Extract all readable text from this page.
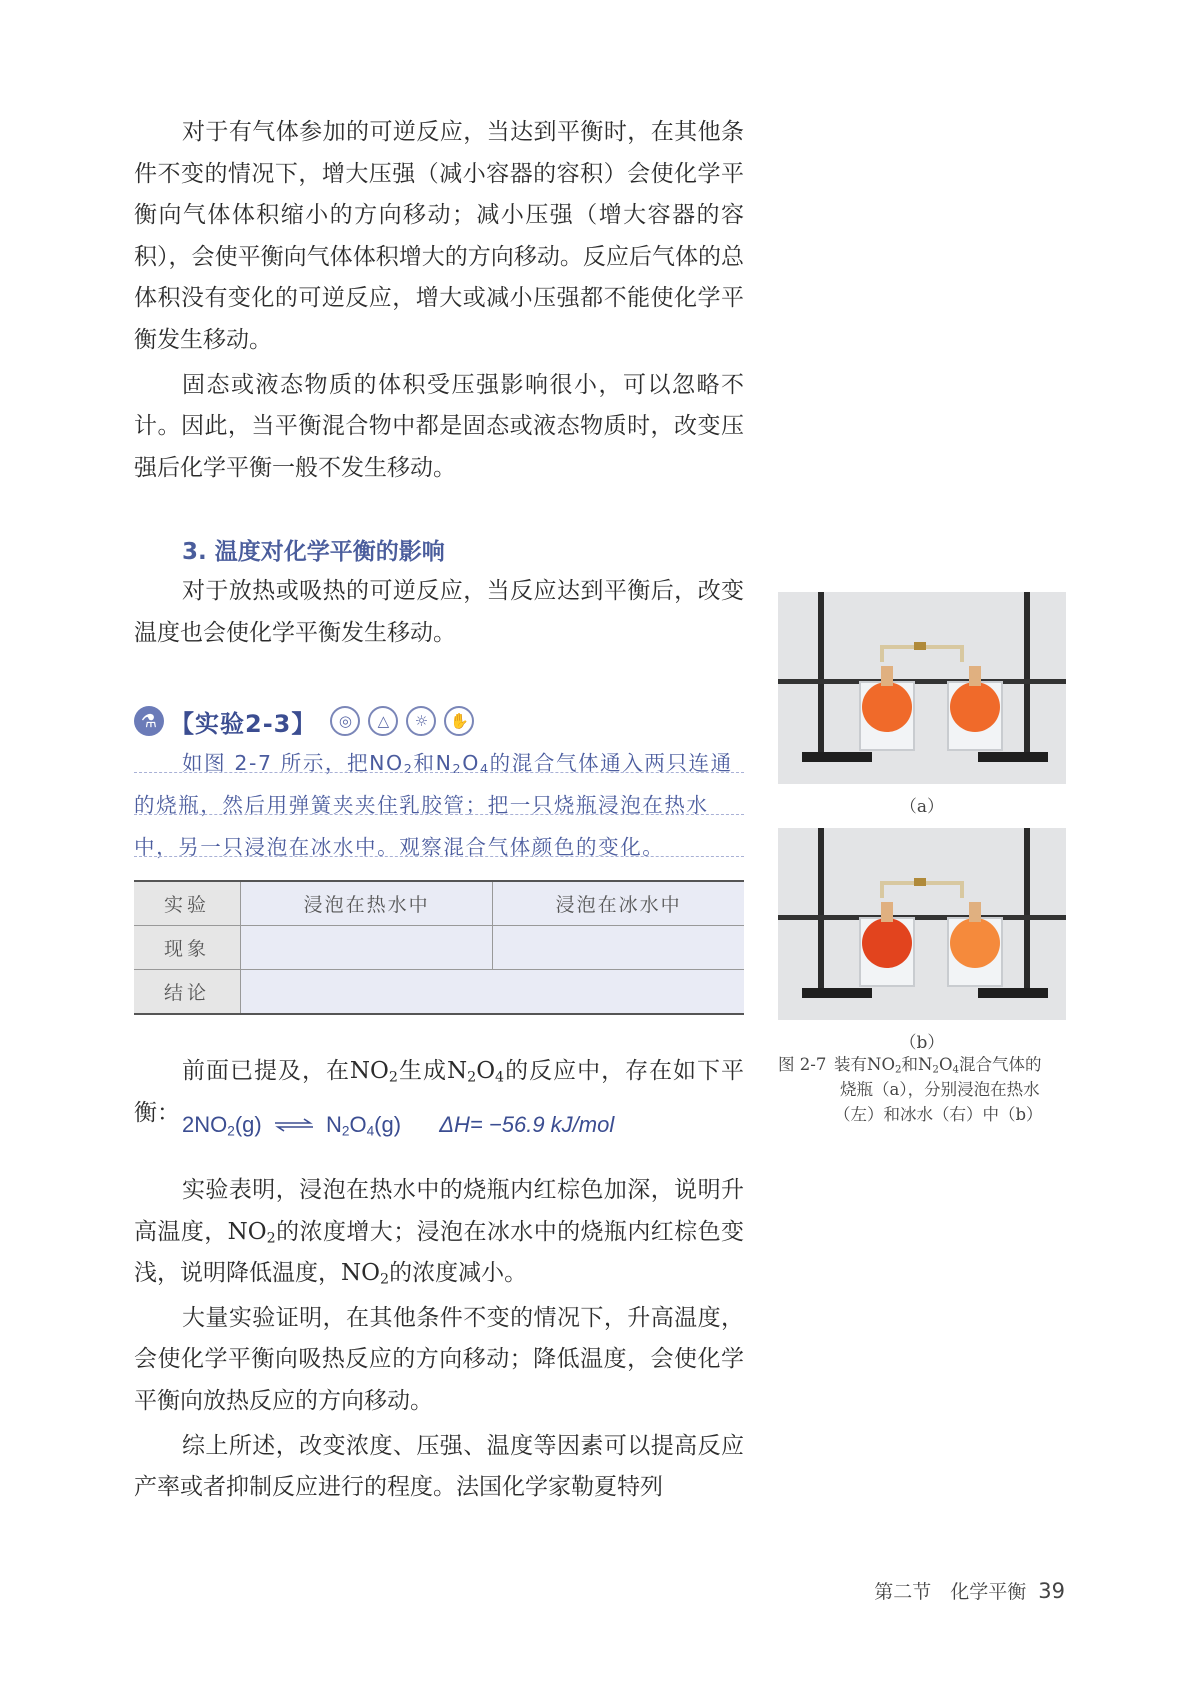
对于有气体参加的可逆反应，当达到平衡时，在其他条件不变的情况下，增大压强（减小容器的容积）会使化学平衡向气体体积缩小的方向移动；减小压强（增大容器的容积），会使平衡向气体体积增大的方向移动。反应后气体的总体积没有变化的可逆反应，增大或减小压强都不能使化学平衡发生移动。

固态或液态物质的体积受压强影响很小，可以忽略不计。因此，当平衡混合物中都是固态或液态物质时，改变压强后化学平衡一般不发生移动。

3. 温度对化学平衡的影响

对于放热或吸热的可逆反应，当反应达到平衡后，改变温度也会使化学平衡发生移动。

⚗ 【实验2-3】	◎	△	☼	✋

如图 2-7 所示，把$NO_2$和$N_2O_4$的混合气体通入两只连通的烧瓶，然后用弹簧夹夹住乳胶管；把一只烧瓶浸泡在热水中，另一只浸泡在冰水中。观察混合气体颜色的变化。

实验	浸泡在热水中	浸泡在冰水中
现象		
结论		

前面已提及，在$NO_2$生成$N_2O_4$的反应中，存在如下平衡： $2NO_2(g)$ ⇌ $N_2O_4(g)$ ΔH= −56.9 kJ/mol

实验表明，浸泡在热水中的烧瓶内红棕色加深，说明升高温度，$NO_2$的浓度增大；浸泡在冰水中的烧瓶内红棕色变浅，说明降低温度，$NO_2$的浓度减小。

大量实验证明，在其他条件不变的情况下，升高温度，会使化学平衡向吸热反应的方向移动；降低温度，会使化学平衡向放热反应的方向移动。

综上所述，改变浓度、压强、温度等因素可以提高反应产率或者抑制反应进行的程度。法国化学家勒夏特列

（a）
（b）
图 2-7 装有$NO_2$和$N_2O_4$混合气体的
烧瓶（a），分别浸泡在热水
（左）和冰水（右）中（b）
第二节　化学平衡 39
